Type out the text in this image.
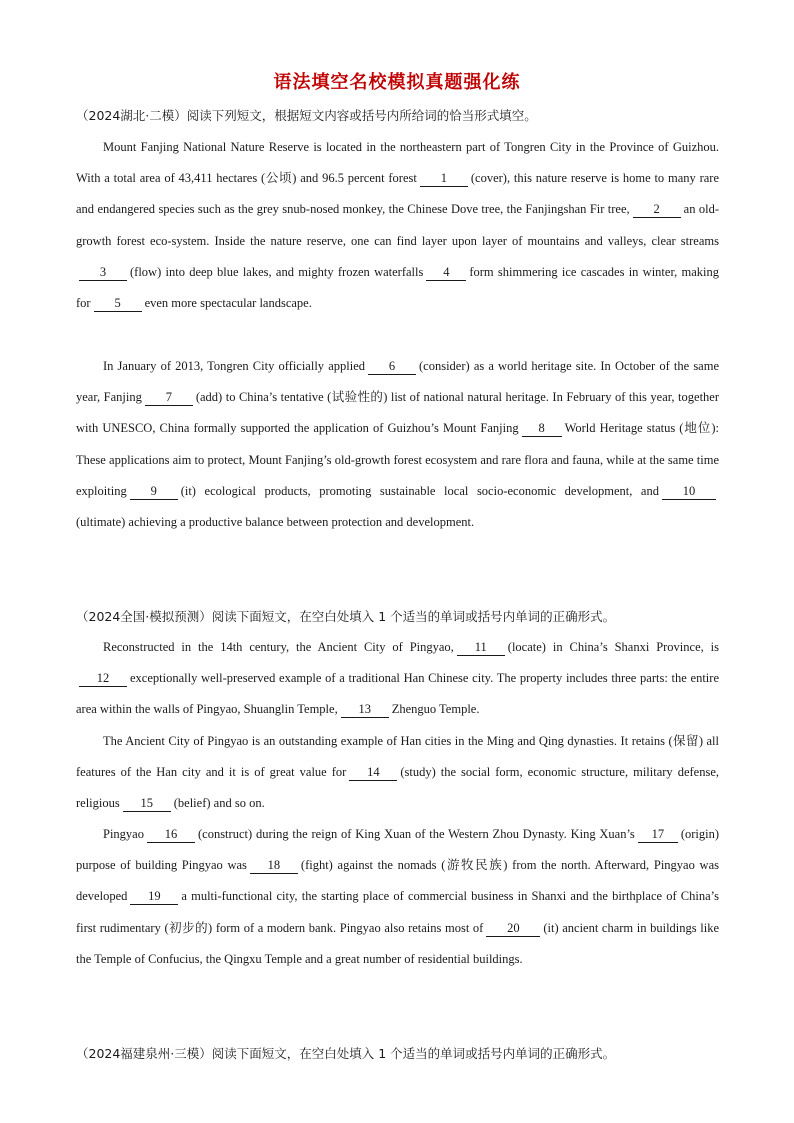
语法填空名校模拟真题强化练
（2024湖北·二模）阅读下列短文，根据短文内容或括号内所给词的恰当形式填空。

Mount Fanjing National Nature Reserve is located in the northeastern part of Tongren City in the Province of Guizhou. With a total area of 43,411 hectares (公顷) and 96.5 percent forest 1 (cover), this nature reserve is home to many rare and endangered species such as the grey snub-nosed monkey, the Chinese Dove tree, the Fanjingshan Fir tree, 2 an old-growth forest eco-system. Inside the nature reserve, one can find layer upon layer of mountains and valleys, clear streams3 (flow) into deep blue lakes, and mighty frozen waterfalls 4 form shimmering ice cascades in winter, making for 5 even more spectacular landscape.

In January of 2013, Tongren City officially applied 6 (consider) as a world heritage site. In October of the same year, Fanjing 7 (add) to China’s tentative (试验性的) list of national natural heritage. In February of this year, together with UNESCO, China formally supported the application of Guizhou’s Mount Fanjing 8 World Heritage status (地位): These applications aim to protect, Mount Fanjing’s old-growth forest ecosystem and rare flora and fauna, while at the same time exploiting 9 (it) ecological products, promoting sustainable local socio-economic development, and 10(ultimate) achieving a productive balance between protection and development.

（2024全国·模拟预测）阅读下面短文，在空白处填入 1 个适当的单词或括号内单词的正确形式。

Reconstructed in the 14th century, the Ancient City of Pingyao, 11 (locate) in China’s Shanxi Province, is12 exceptionally well-preserved example of a traditional Han Chinese city. The property includes three parts: the entire area within the walls of Pingyao, Shuanglin Temple, 13 Zhenguo Temple.

The Ancient City of Pingyao is an outstanding example of Han cities in the Ming and Qing dynasties. It retains (保留) all features of the Han city and it is of great value for 14 (study) the social form, economic structure, military defense, religious 15 (belief) and so on.

Pingyao 16 (construct) during the reign of King Xuan of the Western Zhou Dynasty. King Xuan’s 17 (origin) purpose of building Pingyao was 18 (fight) against the nomads (游牧民族) from the north. Afterward, Pingyao was developed 19 a multi-functional city, the starting place of commercial business in Shanxi and the birthplace of China’s first rudimentary (初步的) form of a modern bank. Pingyao also retains most of 20 (it) ancient charm in buildings like the Temple of Confucius, the Qingxu Temple and a great number of residential buildings.

（2024福建泉州·三模）阅读下面短文，在空白处填入 1 个适当的单词或括号内单词的正确形式。
